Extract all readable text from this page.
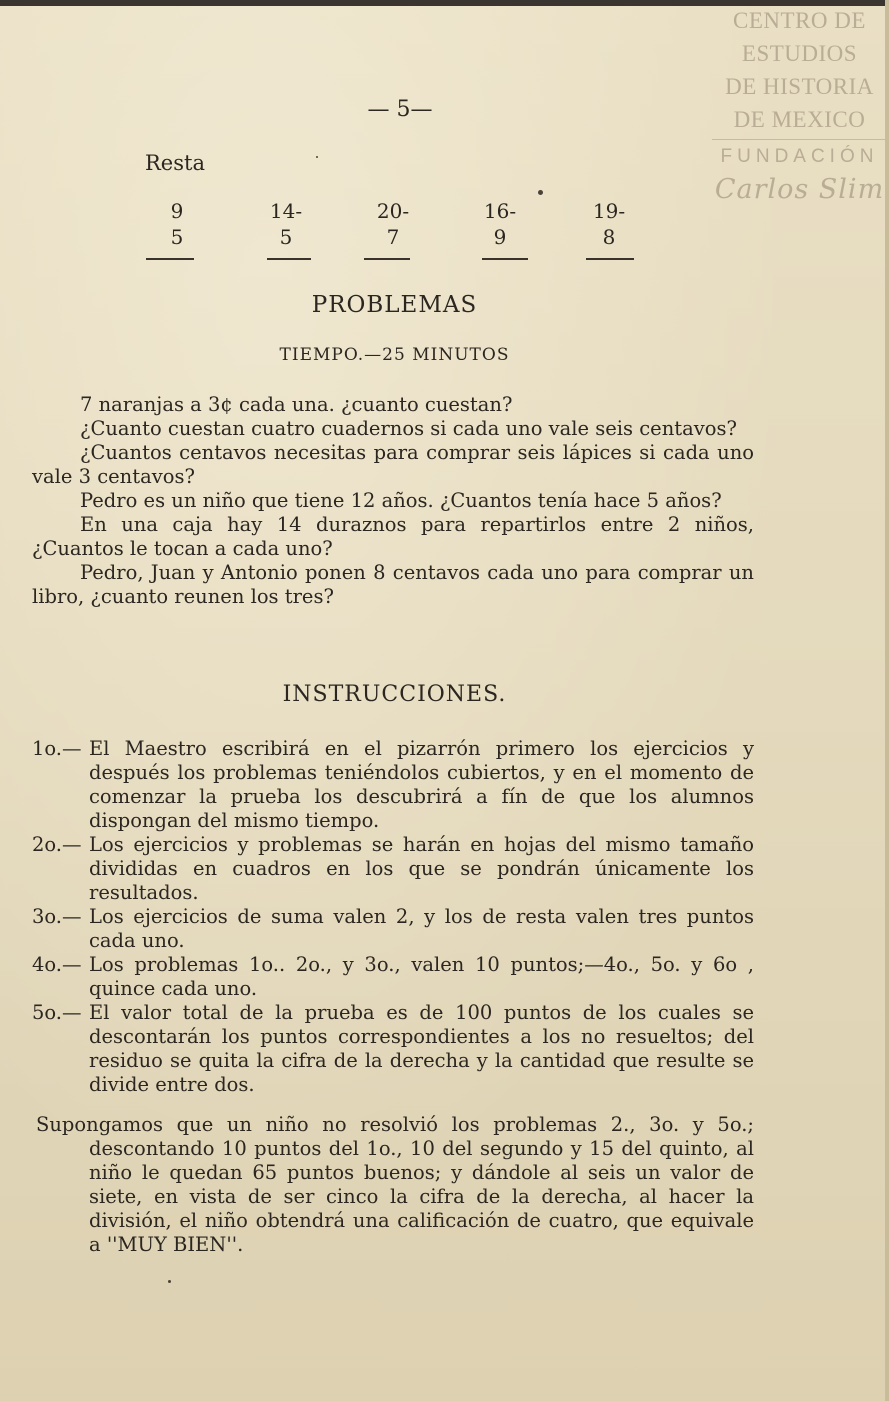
CENTRO DE
ESTUDIOS
DE HISTORIA
DE MEXICO
FUNDACIÓN
Carlos Slim
— 5—
Resta
9
5
14-
5
20-
7
16-
9
19-
8
PROBLEMAS
TIEMPO.—25 MINUTOS

7 naranjas a 3¢ cada una. ¿cuanto cuestan?

¿Cuanto cuestan cuatro cuadernos si cada uno vale seis centavos?

¿Cuantos centavos necesitas para comprar seis lápices si cada uno vale 3 centavos?

Pedro es un niño que tiene 12 años. ¿Cuantos tenía hace 5 años?

En una caja hay 14 duraznos para repartirlos entre 2 niños, ¿Cuantos le tocan a cada uno?

Pedro, Juan y Antonio ponen 8 centavos cada uno para comprar un libro, ¿cuanto reunen los tres?

INSTRUCCIONES.
1o.— El Maestro escribirá en el pizarrón primero los ejercicios y después los problemas teniéndolos cubiertos, y en el momento de comenzar la prueba los descubrirá a fín de que los alumnos dispongan del mismo tiempo.
2o.— Los ejercicios y problemas se harán en hojas del mismo tamaño divididas en cuadros en los que se pondrán únicamente los resultados.
3o.— Los ejercicios de suma valen 2, y los de resta valen tres puntos cada uno.
4o.— Los problemas 1o.. 2o., y 3o., valen 10 puntos;—4o., 5o. y 6o , quince cada uno.
5o.— El valor total de la prueba es de 100 puntos de los cuales se descontarán los puntos correspondientes a los no resueltos; del residuo se quita la cifra de la derecha y la cantidad que resulte se divide entre dos.
Supongamos que un niño no resolvió los problemas 2., 3o. y 5o.; descontando 10 puntos del 1o., 10 del segundo y 15 del quinto, al niño le quedan 65 puntos buenos; y dándole al seis un valor de siete, en vista de ser cinco la cifra de la derecha, al hacer la división, el niño obtendrá una calificación de cuatro, que equivale a ''MUY BIEN''.
